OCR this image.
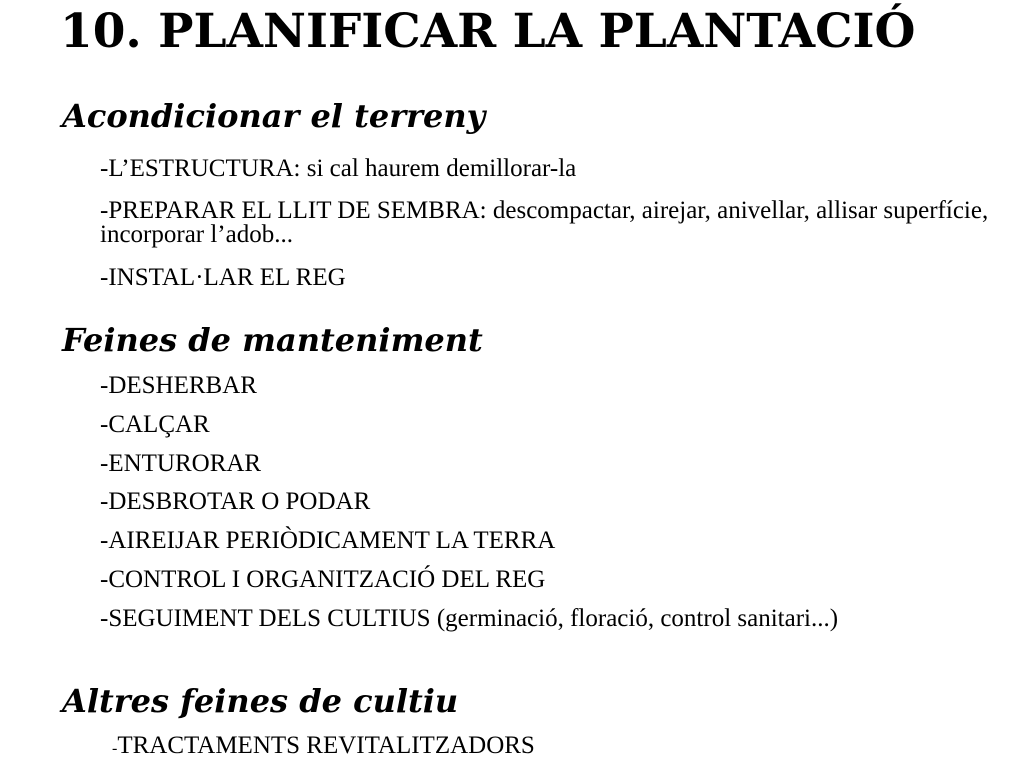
10. PLANIFICAR LA PLANTACIÓ
Acondicionar el terreny

-L’ESTRUCTURA: si cal haurem demillorar-la

-PREPARAR EL LLIT DE SEMBRA: descompactar, airejar, anivellar, allisar superfície, incorporar l’adob...

-INSTAL·LAR EL REG

Feines de manteniment

-DESHERBAR

-CALÇAR

-ENTURORAR

-DESBROTAR O PODAR

-AIREIJAR PERIÒDICAMENT LA TERRA

-CONTROL I ORGANITZACIÓ DEL REG

-SEGUIMENT DELS CULTIUS (germinació, floració, control sanitari...)

Altres feines de cultiu

-TRACTAMENTS REVITALITZADORS
